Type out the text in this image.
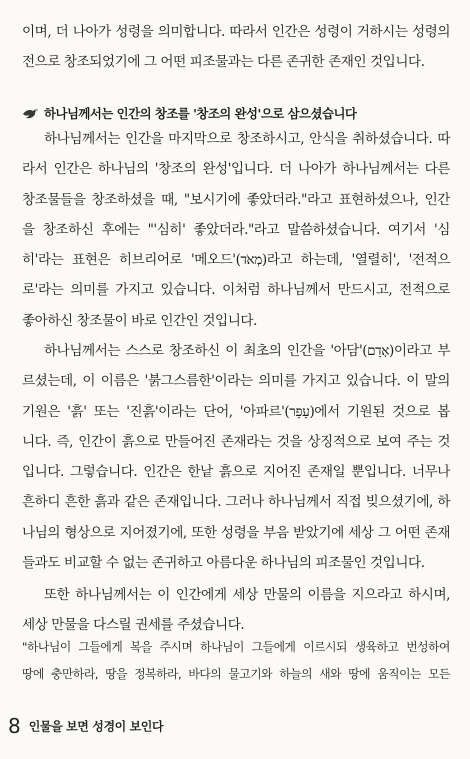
이며, 더 나아가 성령을 의미합니다. 따라서 인간은 성령이 거하시는 성령의
전으로 창조되었기에 그 어떤 피조물과는 다른 존귀한 존재인 것입니다.
하나님께서는 인간의 창조를 '창조의 완성'으로 삼으셨습니다
하나님께서는 인간을 마지막으로 창조하시고, 안식을 취하셨습니다. 따
라서 인간은 하나님의 '창조의 완성'입니다. 더 나아가 하나님께서는 다른
창조물들을 창조하셨을 때, "보시기에 좋았더라."라고 표현하셨으나, 인간
을 창조하신 후에는 "'심히' 좋았더라."라고 말씀하셨습니다. 여기서 '심
히'라는 표현은 히브리어로 '메오드'(מְאֹד)라고 하는데, '열렬히', '전적으
로'라는 의미를 가지고 있습니다. 이처럼 하나님께서 만드시고, 전적으로
좋아하신 창조물이 바로 인간인 것입니다.
하나님께서는 스스로 창조하신 이 최초의 인간을 '아담'(אָדָם)이라고 부
르셨는데, 이 이름은 '붉그스름한'이라는 의미를 가지고 있습니다. 이 말의
기원은 '흙' 또는 '진흙'이라는 단어, '아파르'(עָפָר)에서 기원된 것으로 봅
니다. 즉, 인간이 흙으로 만들어진 존재라는 것을 상징적으로 보여 주는 것
입니다. 그렇습니다. 인간은 한낱 흙으로 지어진 존재일 뿐입니다. 너무나
흔하디 흔한 흙과 같은 존재입니다. 그러나 하나님께서 직접 빚으셨기에, 하
나님의 형상으로 지어졌기에, 또한 성령을 부음 받았기에 세상 그 어떤 존재
들과도 비교할 수 없는 존귀하고 아름다운 하나님의 피조물인 것입니다.
또한 하나님께서는 이 인간에게 세상 만물의 이름을 지으라고 하시며,
세상 만물을 다스릴 권세를 주셨습니다.
"하나님이 그들에게 복을 주시며 하나님이 그들에게 이르시되 생육하고 번성하여
땅에 충만하라, 땅을 정복하라, 바다의 물고기와 하늘의 새와 땅에 움직이는 모든
8 인물을 보면 성경이 보인다
